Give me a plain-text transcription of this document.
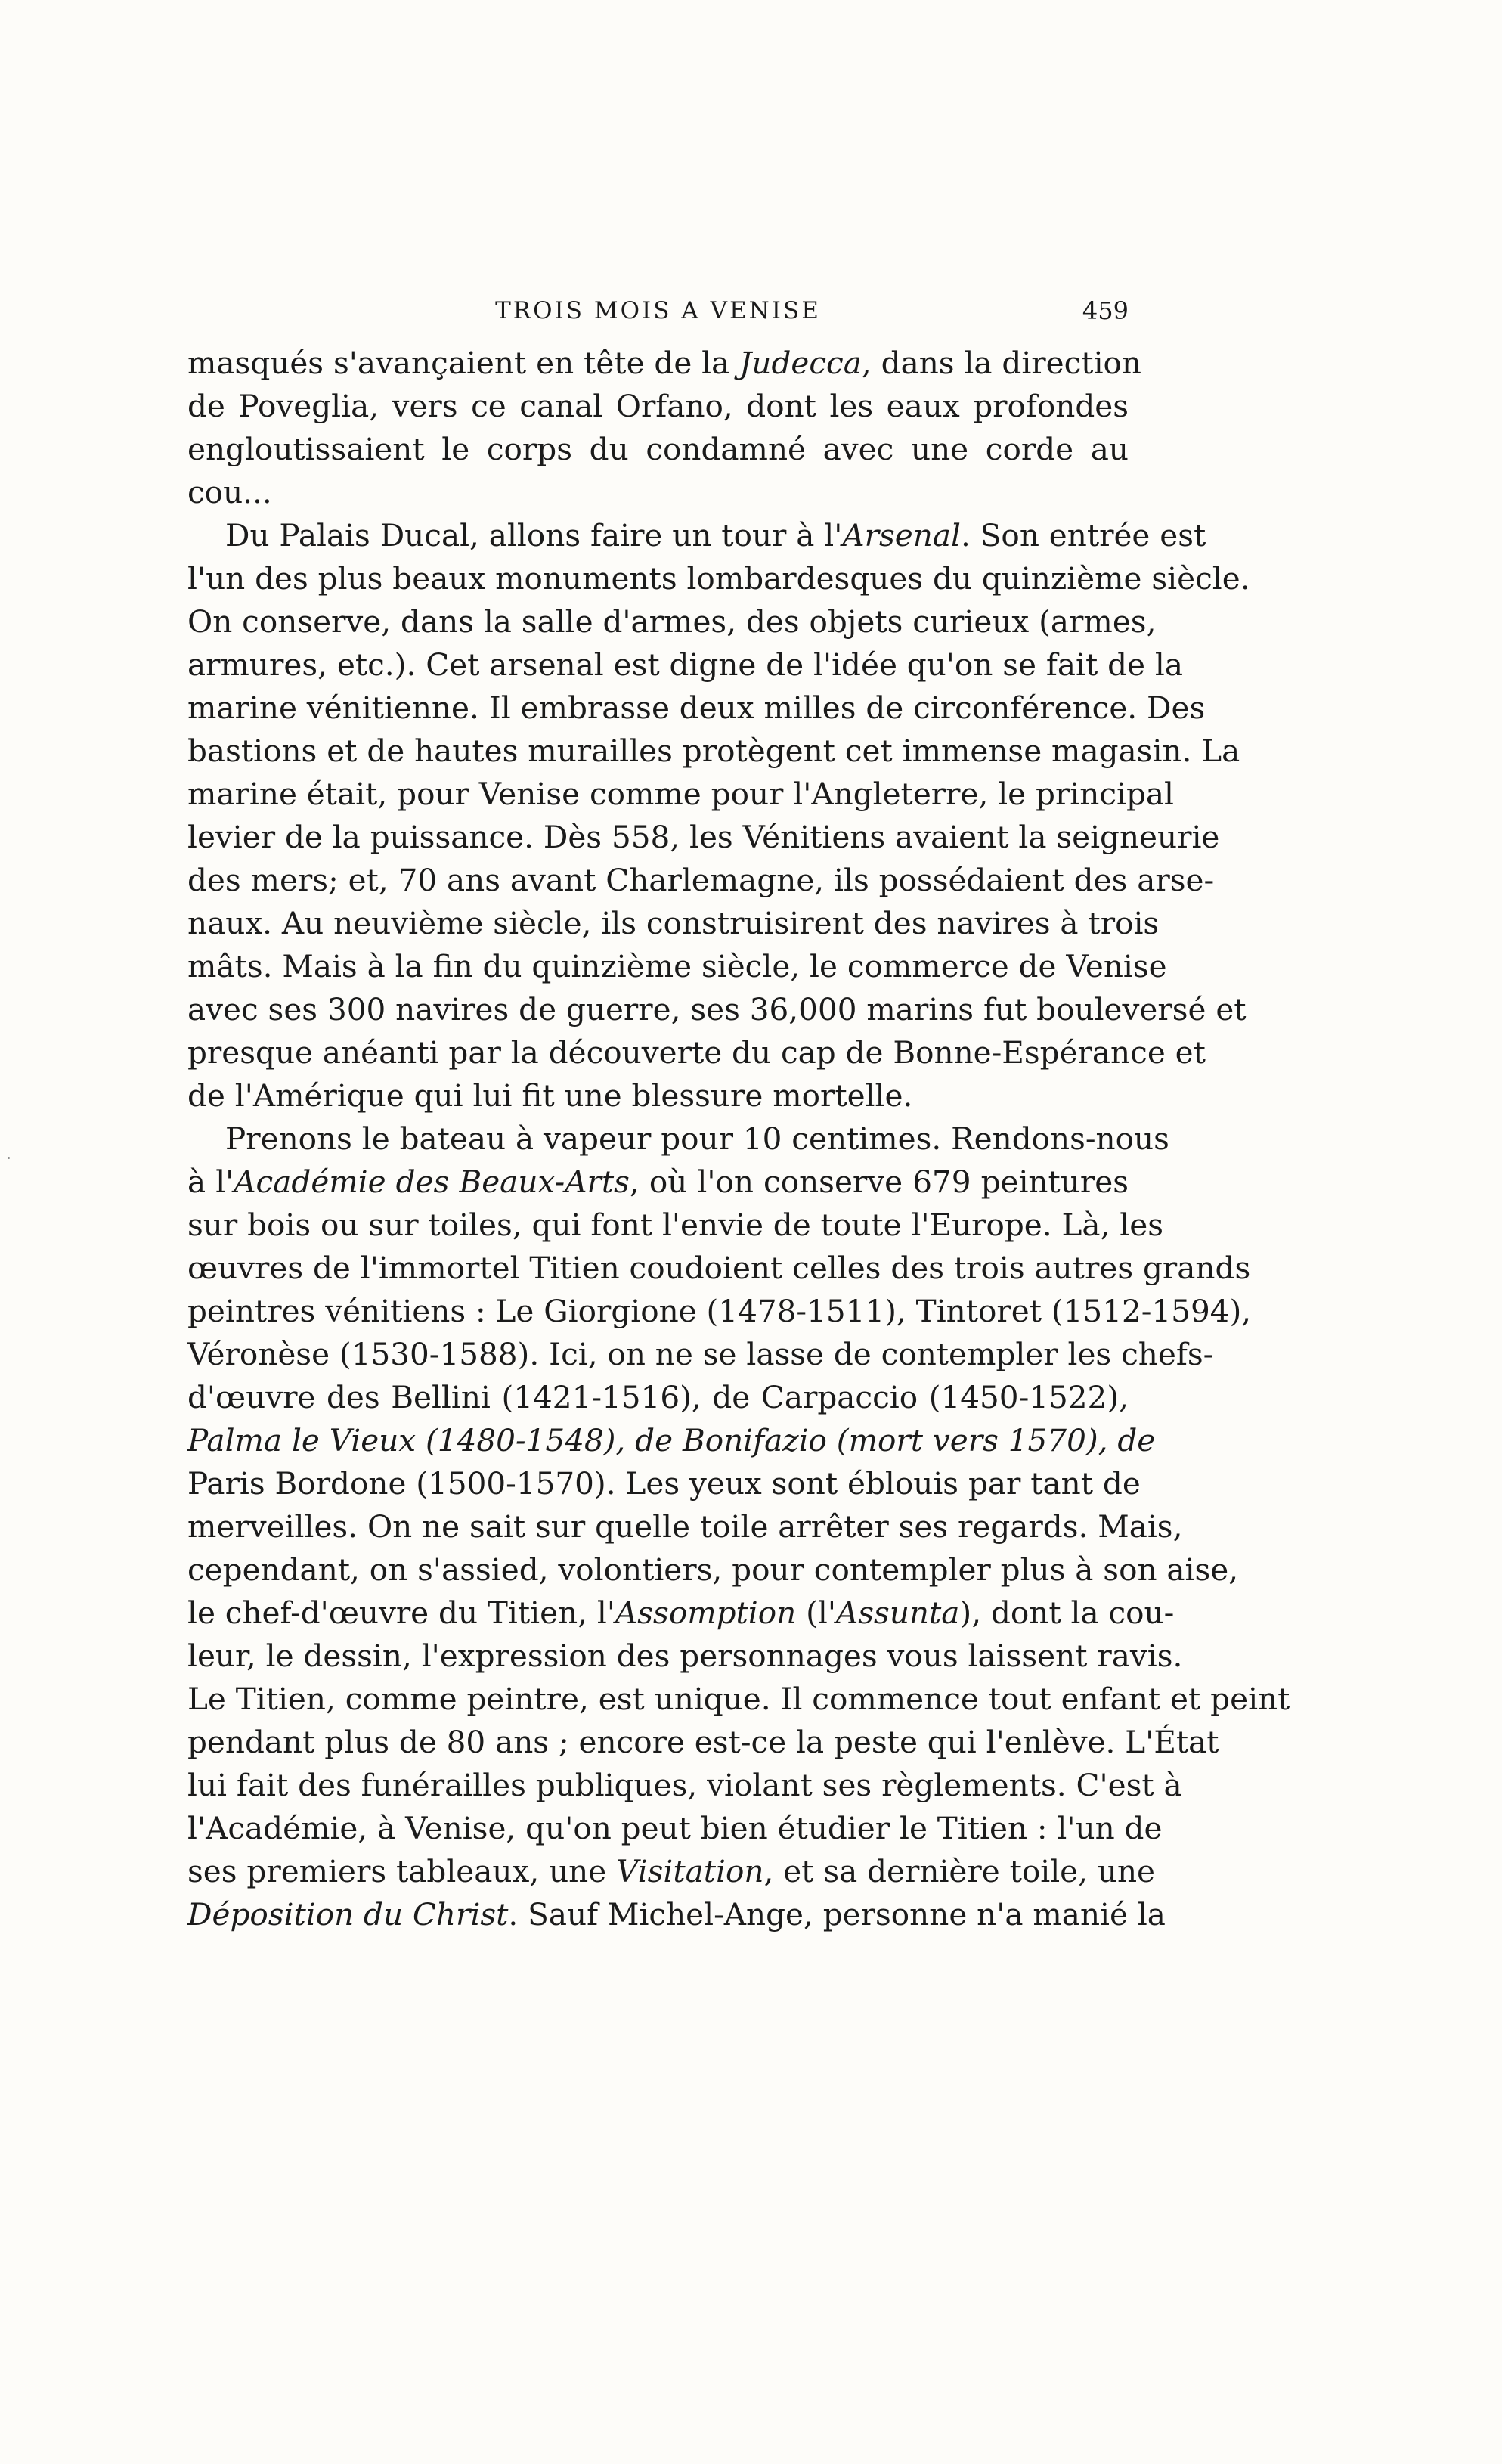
TROIS MOIS A VENISE	459
masqués s'avançaient en tête de la Judecca, dans la direction
de Poveglia, vers ce canal Orfano, dont les eaux profondes
engloutissaient le corps du condamné avec une corde au
cou...
Du Palais Ducal, allons faire un tour à l'Arsenal. Son entrée est
l'un des plus beaux monuments lombardesques du quinzième siècle.
On conserve, dans la salle d'armes, des objets curieux (armes,
armures, etc.). Cet arsenal est digne de l'idée qu'on se fait de la
marine vénitienne. Il embrasse deux milles de circonférence. Des
bastions et de hautes murailles protègent cet immense magasin. La
marine était, pour Venise comme pour l'Angleterre, le principal
levier de la puissance. Dès 558, les Vénitiens avaient la seigneurie
des mers; et, 70 ans avant Charlemagne, ils possédaient des arse-
naux. Au neuvième siècle, ils construisirent des navires à trois
mâts. Mais à la fin du quinzième siècle, le commerce de Venise
avec ses 300 navires de guerre, ses 36,000 marins fut bouleversé et
presque anéanti par la découverte du cap de Bonne-Espérance et
de l'Amérique qui lui fit une blessure mortelle.
Prenons le bateau à vapeur pour 10 centimes. Rendons-nous
à l'Académie des Beaux-Arts, où l'on conserve 679 peintures
sur bois ou sur toiles, qui font l'envie de toute l'Europe. Là, les
œuvres de l'immortel Titien coudoient celles des trois autres grands
peintres vénitiens : Le Giorgione (1478-1511), Tintoret (1512-1594),
Véronèse (1530-1588). Ici, on ne se lasse de contempler les chefs-
d'œuvre des Bellini (1421-1516), de Carpaccio (1450-1522),
Palma le Vieux (1480-1548), de Bonifazio (mort vers 1570), de
Paris Bordone (1500-1570). Les yeux sont éblouis par tant de
merveilles. On ne sait sur quelle toile arrêter ses regards. Mais,
cependant, on s'assied, volontiers, pour contempler plus à son aise,
le chef-d'œuvre du Titien, l'Assomption (l'Assunta), dont la cou-
leur, le dessin, l'expression des personnages vous laissent ravis.
Le Titien, comme peintre, est unique. Il commence tout enfant et peint
pendant plus de 80 ans ; encore est-ce la peste qui l'enlève. L'État
lui fait des funérailles publiques, violant ses règlements. C'est à
l'Académie, à Venise, qu'on peut bien étudier le Titien : l'un de
ses premiers tableaux, une Visitation, et sa dernière toile, une
Déposition du Christ. Sauf Michel-Ange, personne n'a manié la
